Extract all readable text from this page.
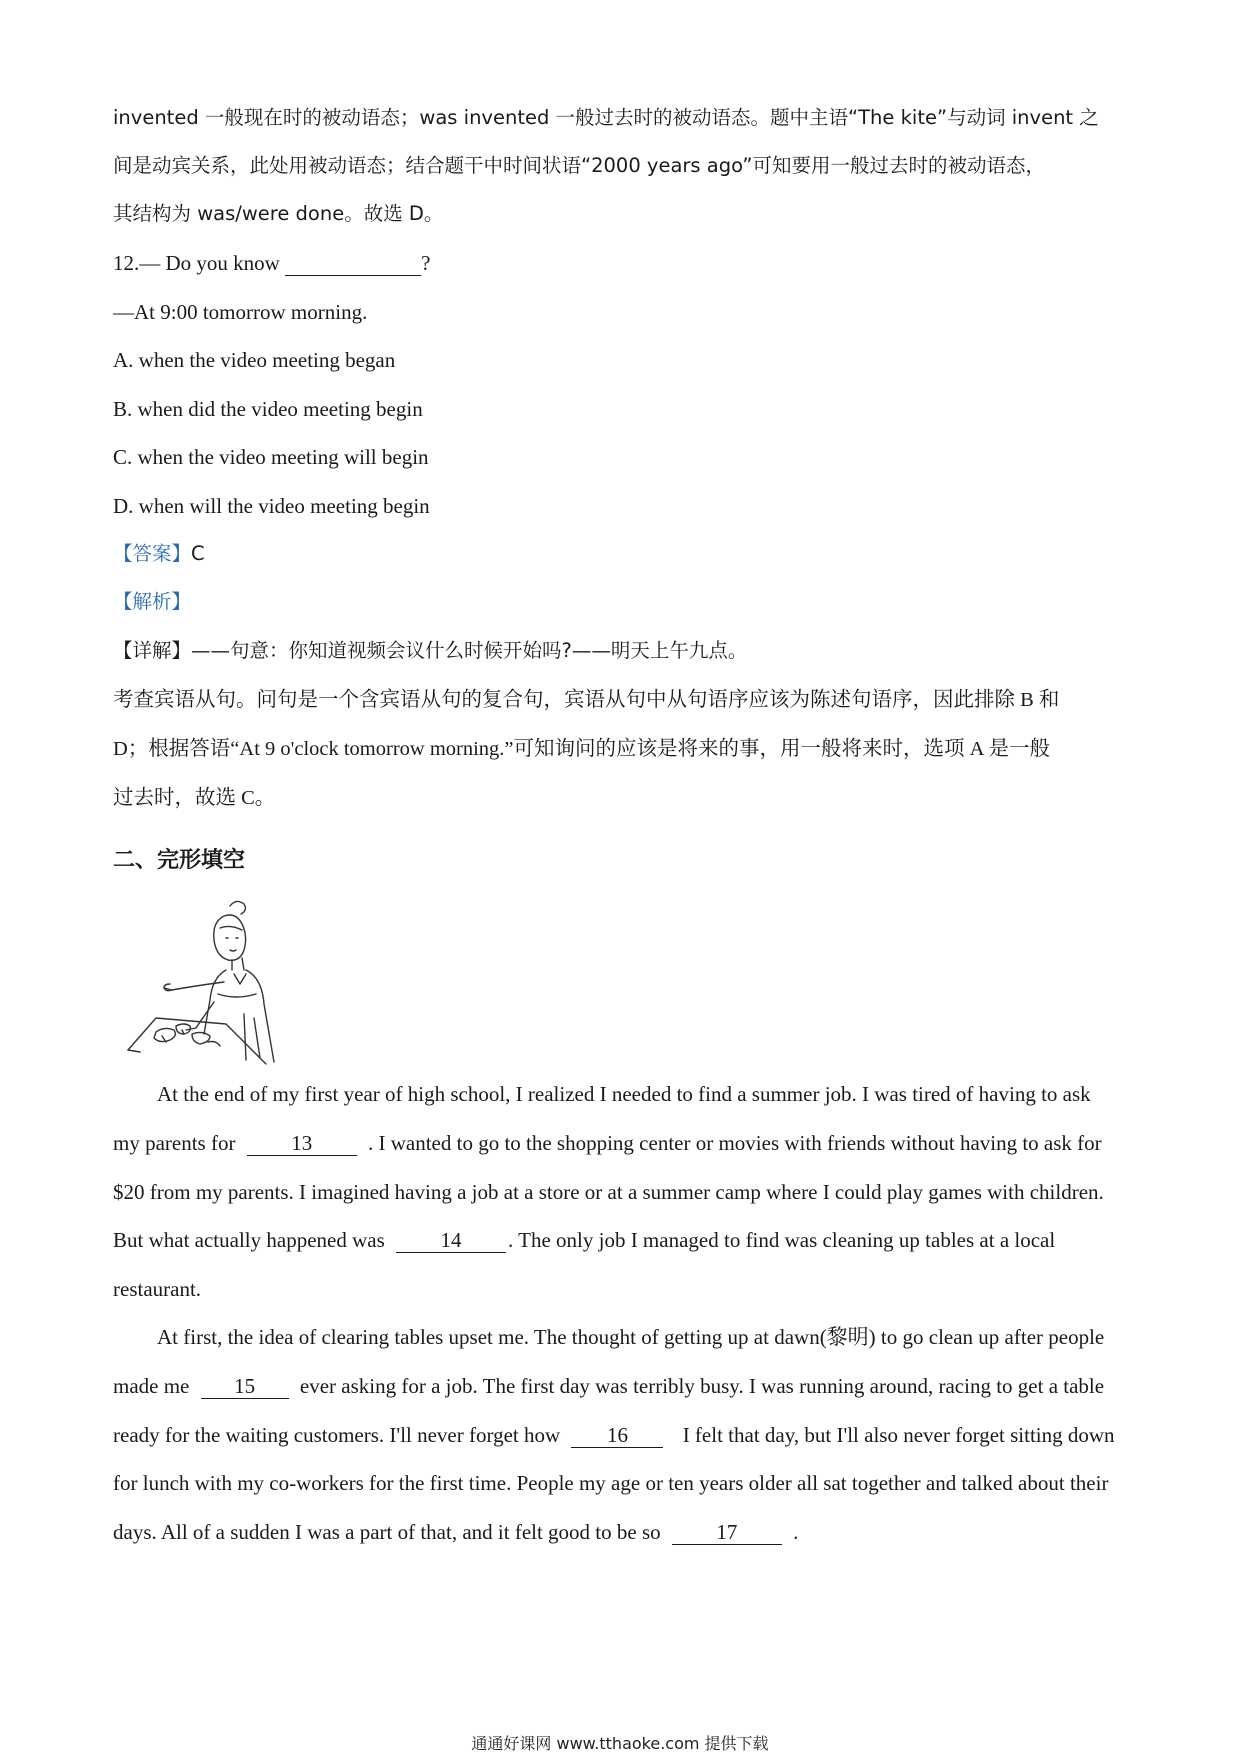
invented 一般现在时的被动语态；was invented 一般过去时的被动语态。题中主语“The kite”与动词 invent 之
间是动宾关系，此处用被动语态；结合题干中时间状语“2000 years ago”可知要用一般过去时的被动语态，
其结构为 was/were done。故选 D。
12.— Do you know	?
—At 9:00 tomorrow morning.
A. when the video meeting began
B. when did the video meeting begin
C. when the video meeting will begin
D. when will the video meeting begin
【答案】C
【解析】
【详解】——句意：你知道视频会议什么时候开始吗?——明天上午九点。
考查宾语从句。问句是一个含宾语从句的复合句，宾语从句中从句语序应该为陈述句语序，因此排除 B 和
D；根据答语“At 9 o'clock tomorrow morning.”可知询问的应该是将来的事，用一般将来时，选项 A 是一般
过去时，故选 C。
二、完形填空
At the end of my first year of high school, I realized I needed to find a summer job. I was tired of having to ask
my parents for	13	. I wanted to go to the shopping center or movies with friends without having to ask for
$20 from my parents. I imagined having a job at a store or at a summer camp where I could play games with children.
But what actually happened was	14 . The only job I managed to find was cleaning up tables at a local
restaurant.
At first, the idea of clearing tables upset me. The thought of getting up at dawn(黎明) to go clean up after people
made me 15 ever asking for a job. The first day was terribly busy. I was running around, racing to get a table
ready for the waiting customers. I'll never forget how 16	I felt that day, but I'll also never forget sitting down
for lunch with my co-workers for the first time. People my age or ten years older all sat together and talked about their
days. All of a sudden I was a part of that, and it felt good to be so	17	.
通通好课网 www.tthaoke.com 提供下载
